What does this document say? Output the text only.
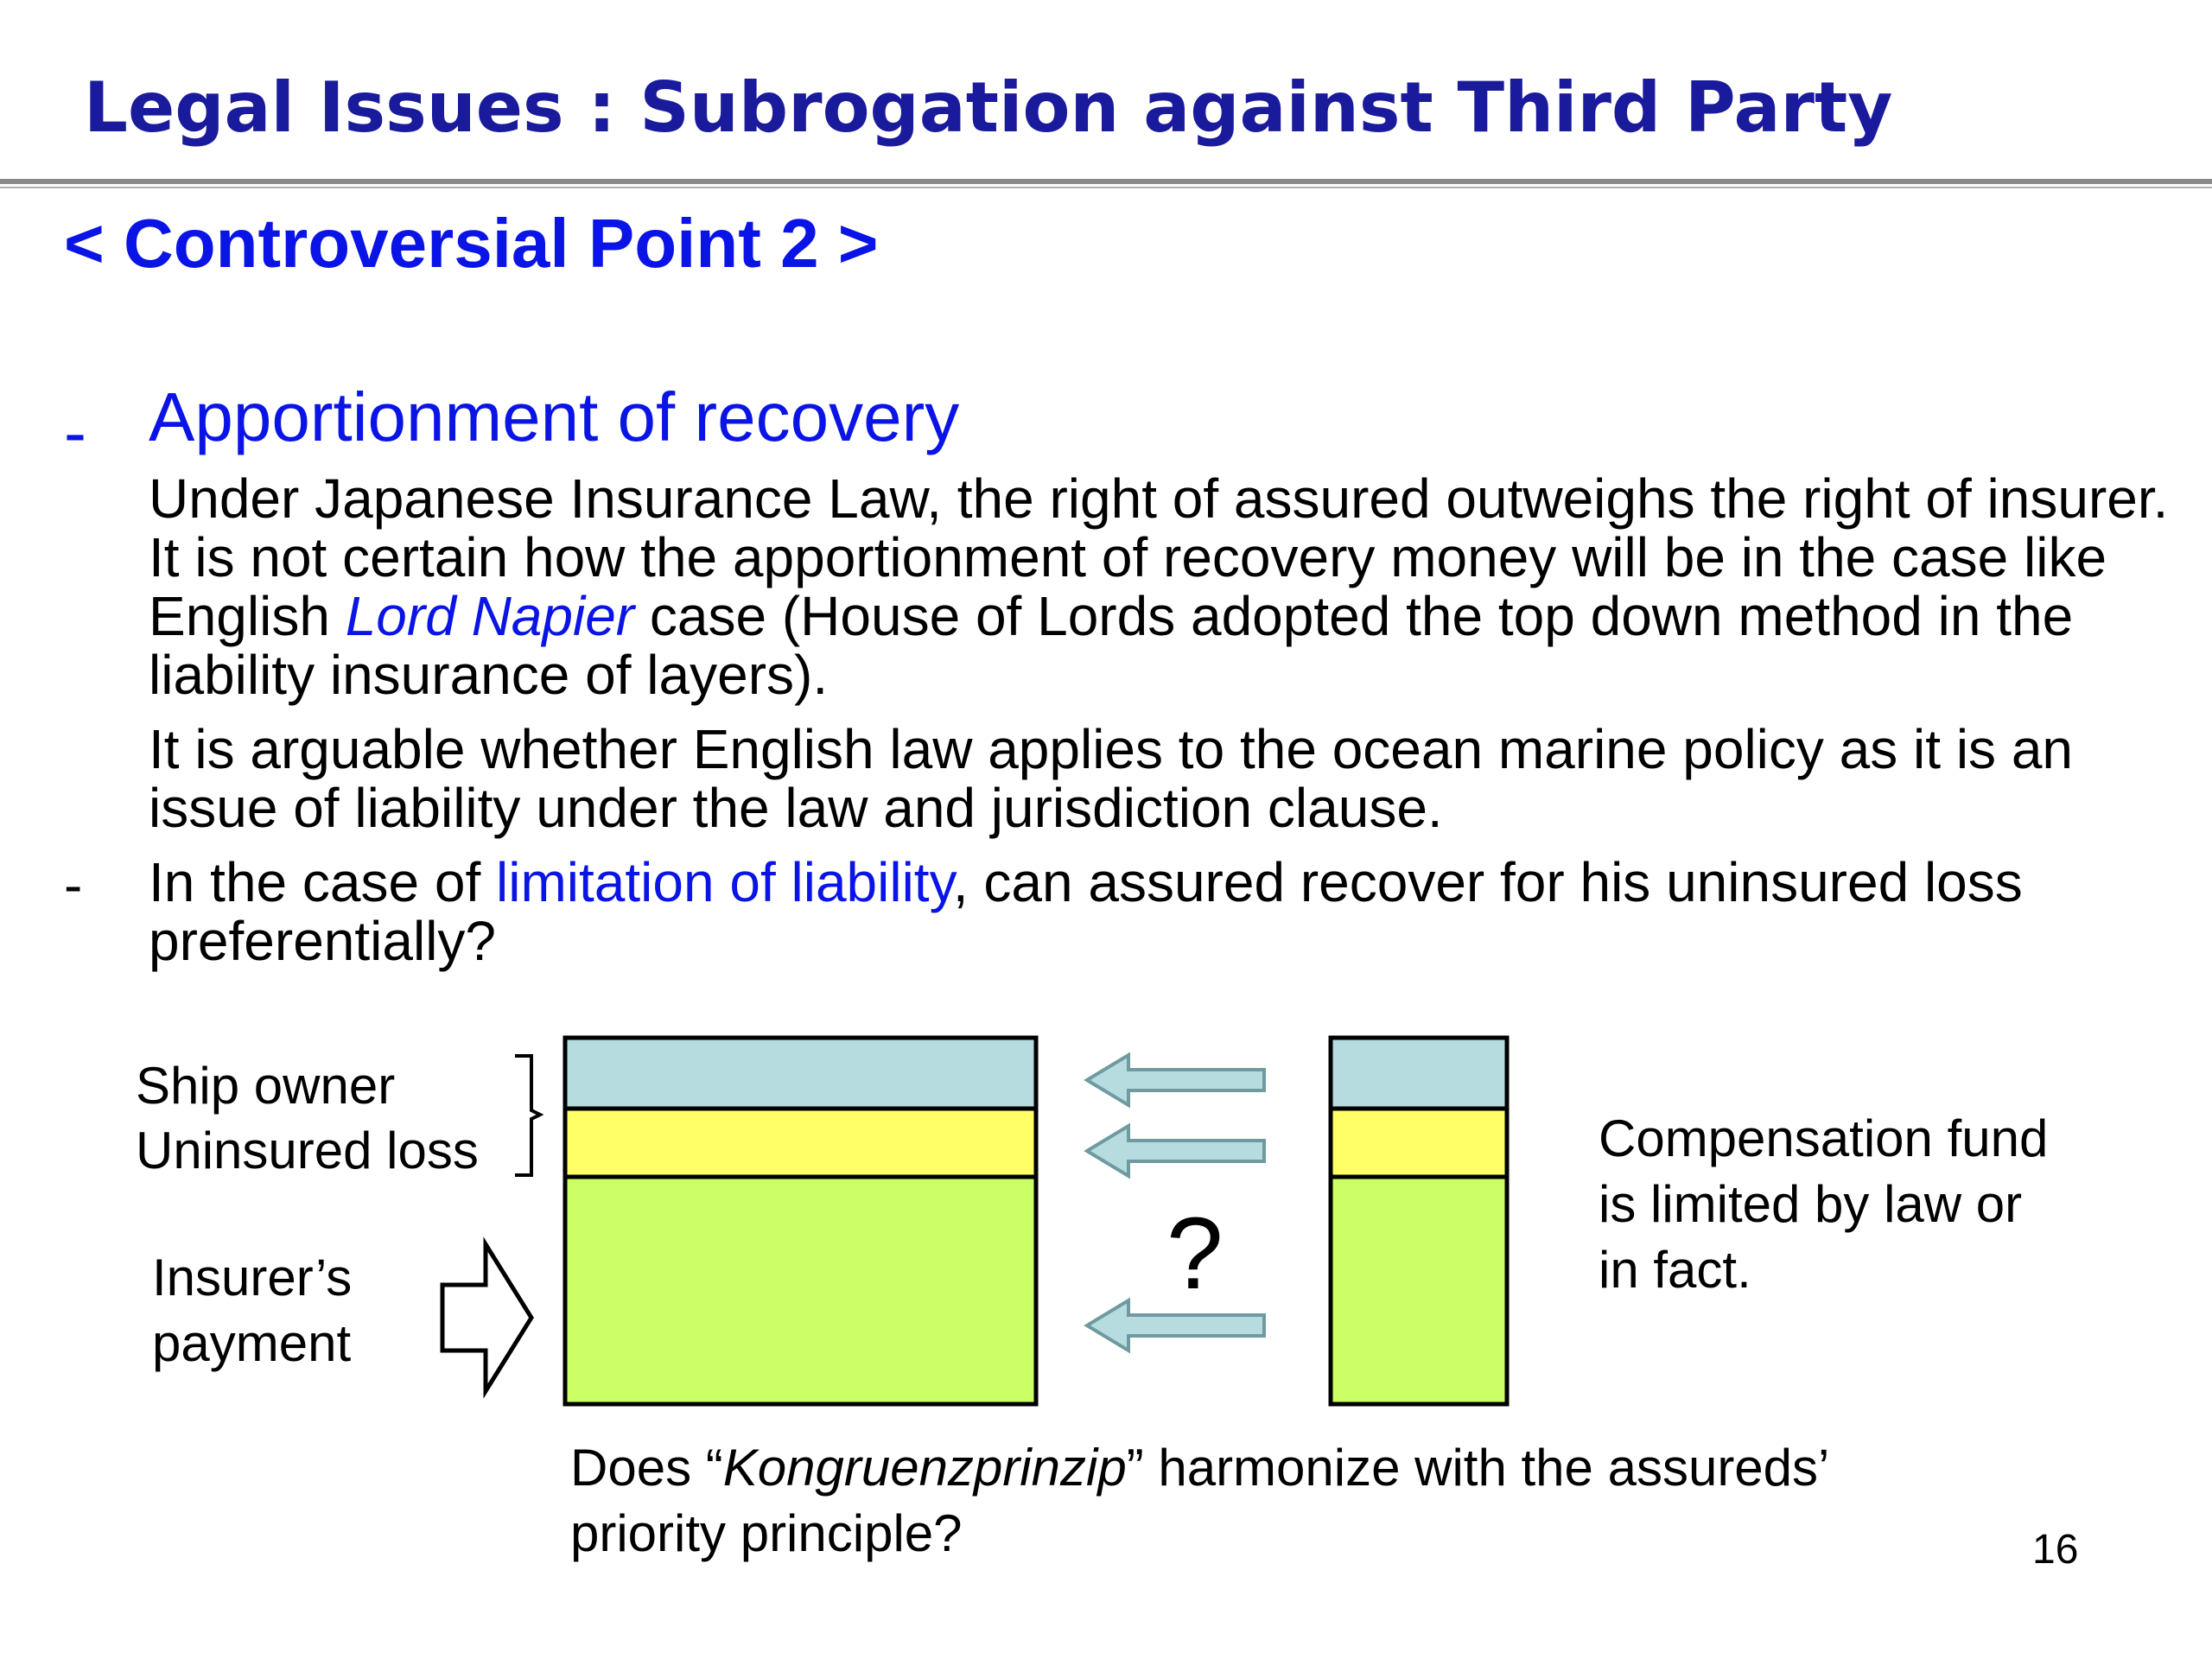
Legal Issues : Subrogation against Third Party
< Controversial Point 2 >
- Apportionment of recovery
Under Japanese Insurance Law, the right of assured outweighs the right of insurer. It is not certain how the apportionment of recovery money will be in the case like English Lord Napier case (House of Lords adopted the top down method in the liability insurance of layers).
It is arguable whether English law applies to the ocean marine policy as it is an issue of liability under the law and jurisdiction clause.
- In the case of limitation of liability, can assured recover for his uninsured loss preferentially?
Ship owner
Uninsured loss
Insurer’s
payment
?
Compensation fund
is limited by law or
in fact.
Does “Kongruenzprinzip” harmonize with the assureds’
priority principle?	16
